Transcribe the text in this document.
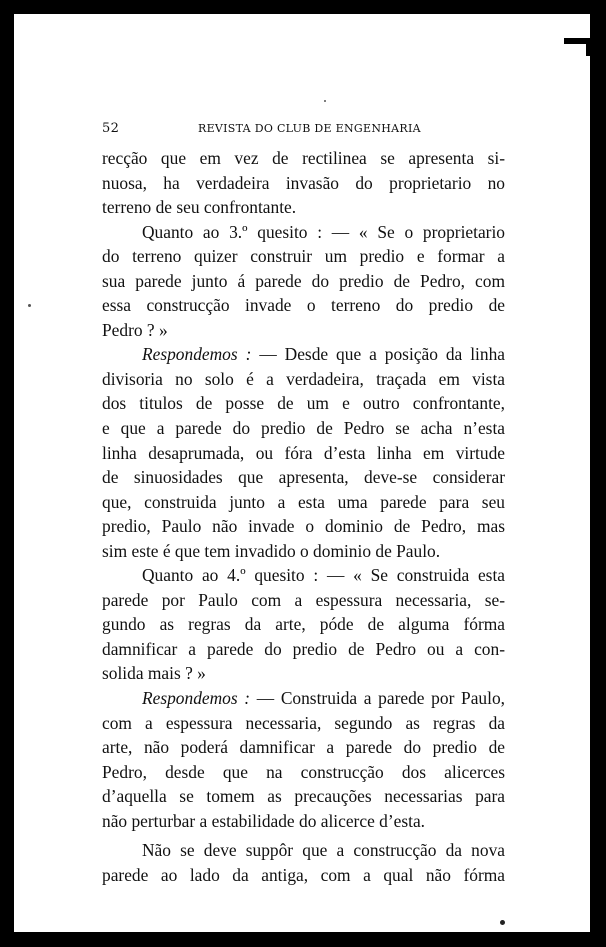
52	REVISTA DO CLUB DE ENGENHARIA
recção que em vez de rectilinea se apresenta si-
nuosa, ha verdadeira invasão do proprietario no
terreno de seu confrontante.
Quanto ao 3.º quesito : — « Se o proprietario
do terreno quizer construir um predio e formar a
sua parede junto á parede do predio de Pedro, com
essa construcção invade o terreno do predio de
Pedro ? »
Respondemos : — Desde que a posição da linha
divisoria no solo é a verdadeira, traçada em vista
dos titulos de posse de um e outro confrontante,
e que a parede do predio de Pedro se acha n’esta
linha desaprumada, ou fóra d’esta linha em virtude
de sinuosidades que apresenta, deve-se considerar
que, construida junto a esta uma parede para seu
predio, Paulo não invade o dominio de Pedro, mas
sim este é que tem invadido o dominio de Paulo.
Quanto ao 4.º quesito : — « Se construida esta
parede por Paulo com a espessura necessaria, se-
gundo as regras da arte, póde de alguma fórma
damnificar a parede do predio de Pedro ou a con-
solida mais ? »
Respondemos : — Construida a parede por Paulo,
com a espessura necessaria, segundo as regras da
arte, não poderá damnificar a parede do predio de
Pedro, desde que na construcção dos alicerces
d’aquella se tomem as precauções necessarias para
não perturbar a estabilidade do alicerce d’esta.
Não se deve suppôr que a construcção da nova
parede ao lado da antiga, com a qual não fórma
